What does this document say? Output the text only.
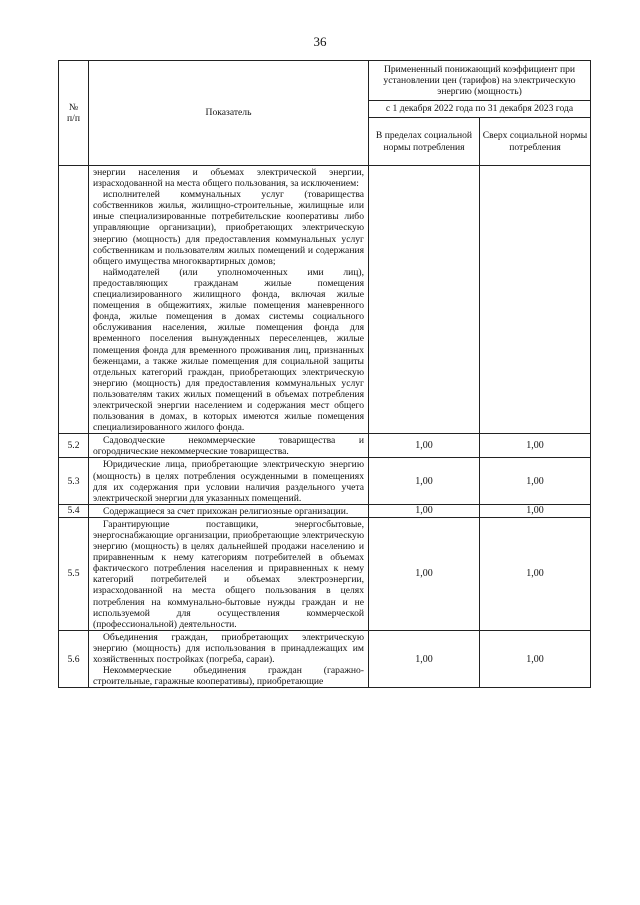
36
№
п/п	Показатель	Примененный понижающий коэффициент при установлении цен (тарифов) на электрическую энергию (мощность)	
		с 1 декабря 2022 года по 31 декабря 2023 года	
		В пределах социальной нормы потребления	Сверх социальной нормы потребления

	энергии населения и объемах электрической энергии, израсходованной на места общего пользования, за исключением:

исполнителей коммунальных услуг (товарищества собственников жилья, жилищно-строительные, жилищные или иные специализированные потребительские кооперативы либо управляющие организации), приобретающих электрическую энергию (мощность) для предоставления коммунальных услуг собственникам и пользователям жилых помещений и содержания общего имущества многоквартирных домов;

наймодателей (или уполномоченных ими лиц), предоставляющих гражданам жилые помещения специализированного жилищного фонда, включая жилые помещения в общежитиях, жилые помещения маневренного фонда, жилые помещения в домах системы социального обслуживания населения, жилые помещения фонда для временного поселения вынужденных переселенцев, жилые помещения фонда для временного проживания лиц, признанных беженцами, а также жилые помещения для социальной защиты отдельных категорий граждан, приобретающих электрическую энергию (мощность) для предоставления коммунальных услуг пользователям таких жилых помещений в объемах потребления электрической энергии населением и содержания мест общего пользования в домах, в которых имеются жилые помещения специализированного жилого фонда.		

5.2	Садоводческие некоммерческие товарищества и огороднические некоммерческие товарищества.	1,00	1,00
5.3	Юридические лица, приобретающие электрическую энергию (мощность) в целях потребления осужденными в помещениях для их содержания при условии наличия раздельного учета электрической энергии для указанных помещений.	1,00	1,00
5.4	Содержащиеся за счет прихожан религиозные организации.	1,00	1,00
5.5	Гарантирующие поставщики, энергосбытовые, энергоснабжающие организации, приобретающие электрическую энергию (мощность) в целях дальнейшей продажи населению и приравненным к нему категориям потребителей в объемах фактического потребления населения и приравненных к нему категорий потребителей и объемах электроэнергии, израсходованной на места общего пользования в целях потребления на коммунально-бытовые нужды граждан и не используемой для осуществления коммерческой (профессиональной) деятельности.	1,00	1,00
5.6	Объединения граждан, приобретающих электрическую энергию (мощность) для использования в принадлежащих им хозяйственных постройках (погреба, сараи).

Некоммерческие объединения граждан (гаражно-строительные, гаражные кооперативы), приобретающие	1,00	1,00
